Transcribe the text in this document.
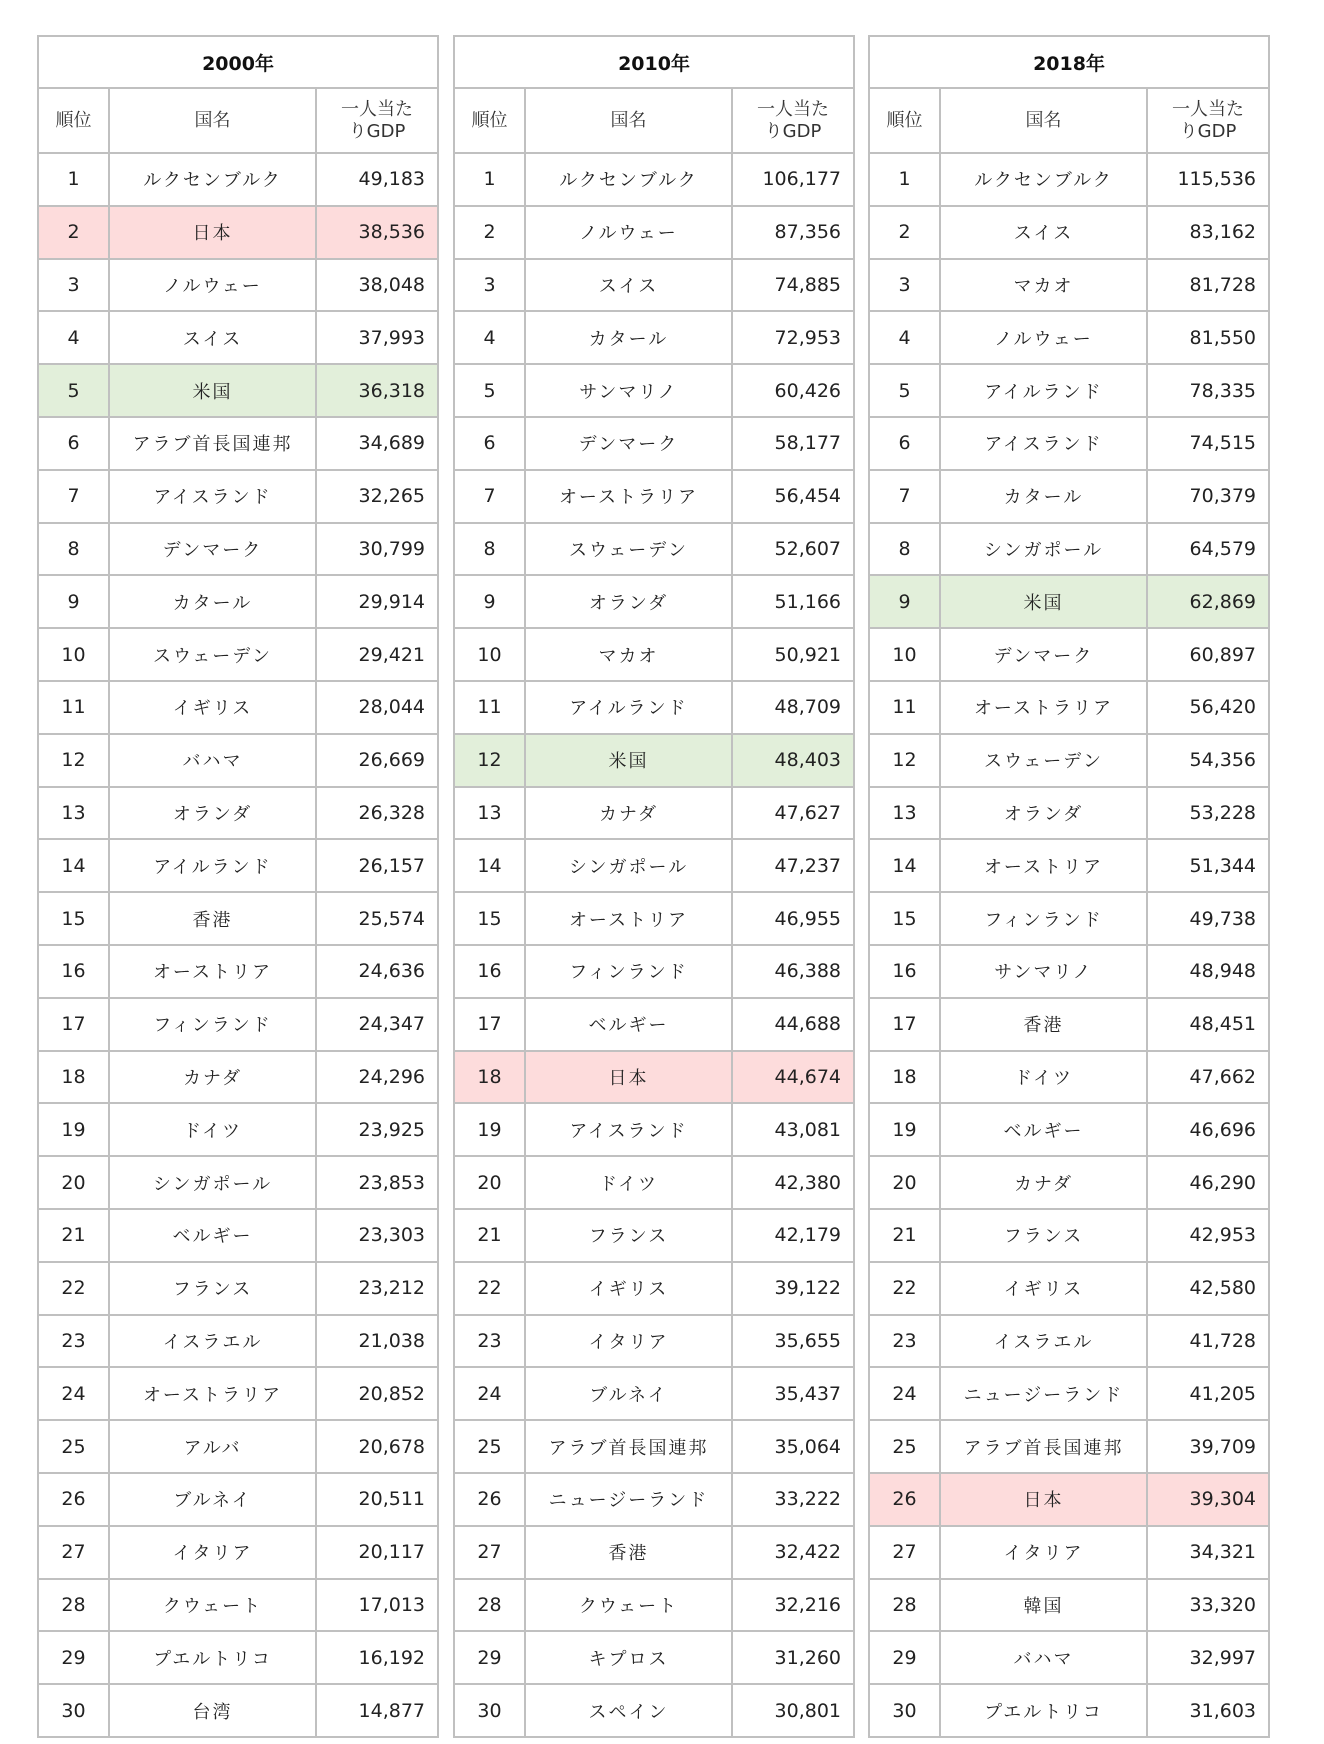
2000年		
順位	国名	一人当た
りGDP
1	ルクセンブルク	49,183
2	日本	38,536
3	ノルウェー	38,048
4	スイス	37,993
5	米国	36,318
6	アラブ首長国連邦	34,689
7	アイスランド	32,265
8	デンマーク	30,799
9	カタール	29,914
10	スウェーデン	29,421
11	イギリス	28,044
12	バハマ	26,669
13	オランダ	26,328
14	アイルランド	26,157
15	香港	25,574
16	オーストリア	24,636
17	フィンランド	24,347
18	カナダ	24,296
19	ドイツ	23,925
20	シンガポール	23,853
21	ベルギー	23,303
22	フランス	23,212
23	イスラエル	21,038
24	オーストラリア	20,852
25	アルバ	20,678
26	ブルネイ	20,511
27	イタリア	20,117
28	クウェート	17,013
29	プエルトリコ	16,192
30	台湾	14,877
2010年		
順位	国名	一人当た
りGDP
1	ルクセンブルク	106,177
2	ノルウェー	87,356
3	スイス	74,885
4	カタール	72,953
5	サンマリノ	60,426
6	デンマーク	58,177
7	オーストラリア	56,454
8	スウェーデン	52,607
9	オランダ	51,166
10	マカオ	50,921
11	アイルランド	48,709
12	米国	48,403
13	カナダ	47,627
14	シンガポール	47,237
15	オーストリア	46,955
16	フィンランド	46,388
17	ベルギー	44,688
18	日本	44,674
19	アイスランド	43,081
20	ドイツ	42,380
21	フランス	42,179
22	イギリス	39,122
23	イタリア	35,655
24	ブルネイ	35,437
25	アラブ首長国連邦	35,064
26	ニュージーランド	33,222
27	香港	32,422
28	クウェート	32,216
29	キプロス	31,260
30	スペイン	30,801
2018年		
順位	国名	一人当た
りGDP
1	ルクセンブルク	115,536
2	スイス	83,162
3	マカオ	81,728
4	ノルウェー	81,550
5	アイルランド	78,335
6	アイスランド	74,515
7	カタール	70,379
8	シンガポール	64,579
9	米国	62,869
10	デンマーク	60,897
11	オーストラリア	56,420
12	スウェーデン	54,356
13	オランダ	53,228
14	オーストリア	51,344
15	フィンランド	49,738
16	サンマリノ	48,948
17	香港	48,451
18	ドイツ	47,662
19	ベルギー	46,696
20	カナダ	46,290
21	フランス	42,953
22	イギリス	42,580
23	イスラエル	41,728
24	ニュージーランド	41,205
25	アラブ首長国連邦	39,709
26	日本	39,304
27	イタリア	34,321
28	韓国	33,320
29	バハマ	32,997
30	プエルトリコ	31,603
